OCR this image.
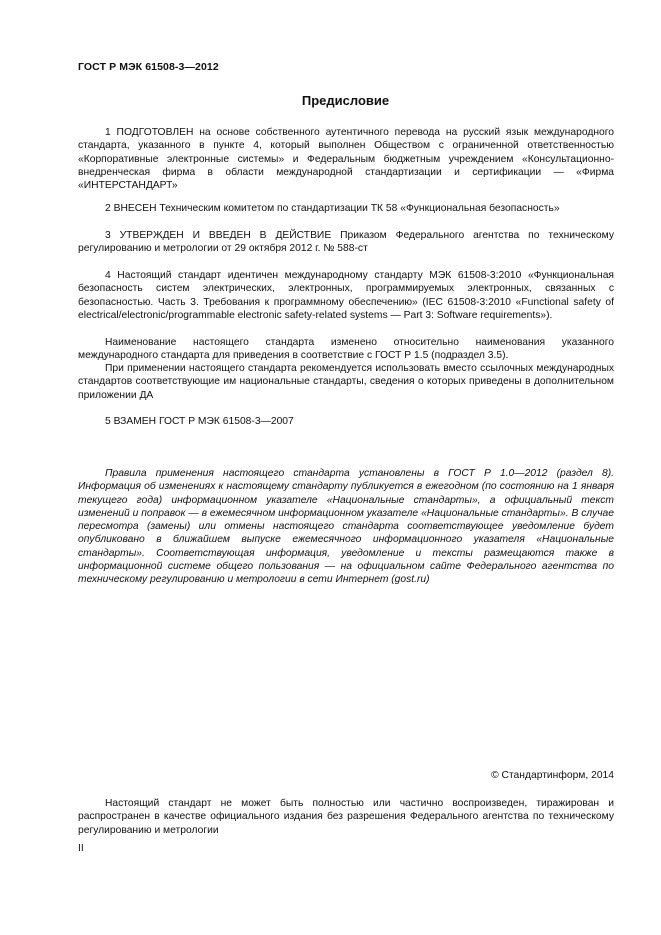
ГОСТ Р МЭК 61508-3—2012
Предисловие

1 ПОДГОТОВЛЕН на основе собственного аутентичного перевода на русский язык международного стандарта, указанного в пункте 4, который выполнен Обществом с ограниченной ответственностью «Корпоративные электронные системы» и Федеральным бюджетным учреждением «Консультационно-внедренческая фирма в области международной стандартизации и сертификации — «Фирма «ИНТЕРСТАНДАРТ»

2 ВНЕСЕН Техническим комитетом по стандартизации ТК 58 «Функциональная безопасность»

3 УТВЕРЖДЕН И ВВЕДЕН В ДЕЙСТВИЕ Приказом Федерального агентства по техническому регулированию и метрологии от 29 октября 2012 г. № 588-ст

4 Настоящий стандарт идентичен международному стандарту МЭК 61508-3:2010 «Функциональная безопасность систем электрических, электронных, программируемых электронных, связанных с безопасностью. Часть 3. Требования к программному обеспечению» (IEC 61508-3:2010 «Functional safety of electrical/electronic/programmable electronic safety-related systems — Part 3: Software requirements»).

Наименование настоящего стандарта изменено относительно наименования указанного международного стандарта для приведения в соответствие с ГОСТ Р 1.5 (подраздел 3.5).

При применении настоящего стандарта рекомендуется использовать вместо ссылочных международных стандартов соответствующие им национальные стандарты, сведения о которых приведены в дополнительном приложении ДА

5 ВЗАМЕН ГОСТ Р МЭК 61508-3—2007

Правила применения настоящего стандарта установлены в ГОСТ Р 1.0—2012 (раздел 8). Информация об изменениях к настоящему стандарту публикуется в ежегодном (по состоянию на 1 января текущего года) информационном указателе «Национальные стандарты», а официальный текст изменений и поправок — в ежемесячном информационном указателе «Национальные стандарты». В случае пересмотра (замены) или отмены настоящего стандарта соответствующее уведомление будет опубликовано в ближайшем выпуске ежемесячного информационного указателя «Национальные стандарты». Соответствующая информация, уведомление и тексты размещаются также в информационной системе общего пользования — на официальном сайте Федерального агентства по техническому регулированию и метрологии в сети Интернет (gost.ru)

© Стандартинформ, 2014

Настоящий стандарт не может быть полностью или частично воспроизведен, тиражирован и распространен в качестве официального издания без разрешения Федерального агентства по техническому регулированию и метрологии

II
